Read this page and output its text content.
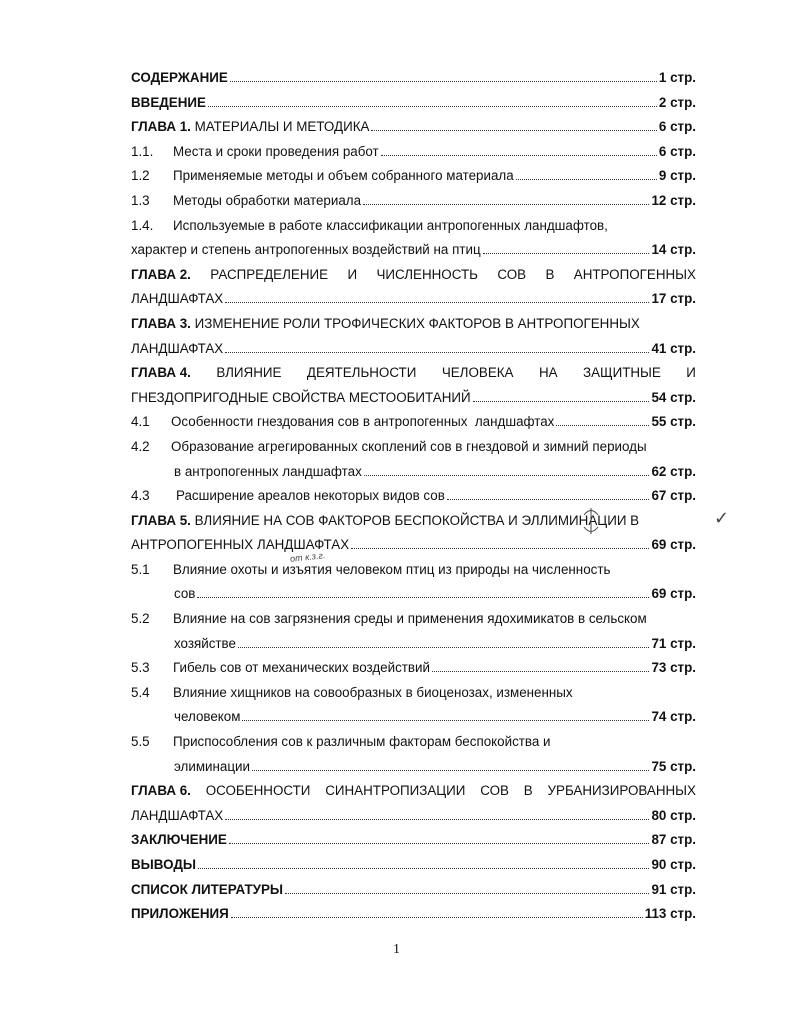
СОДЕРЖАНИЕ	1 стр.
ВВЕДЕНИЕ	2 стр.
ГЛАВА 1. МАТЕРИАЛЫ И МЕТОДИКА	6 стр.
1.1.	Места и сроки проведения работ	6 стр.
1.2	Применяемые методы и объем собранного материала	9 стр.
1.3	Методы обработки материала	12 стр.
1.4.	Используемые в работе классификации антропогенных ландшафтов,
характер и степень антропогенных воздействий на птиц	14 стр.
ГЛАВА 2. РАСПРЕДЕЛЕНИЕ И ЧИСЛЕННОСТЬ СОВ В АНТРОПОГЕННЫХ
ЛАНДШАФТАХ	17 стр.
ГЛАВА 3. ИЗМЕНЕНИЕ РОЛИ ТРОФИЧЕСКИХ ФАКТОРОВ В АНТРОПОГЕННЫХ
ЛАНДШАФТАХ	41 стр.
ГЛАВА 4. ВЛИЯНИЕ ДЕЯТЕЛЬНОСТИ ЧЕЛОВЕКА НА ЗАЩИТНЫЕ И
ГНЕЗДОПРИГОДНЫЕ СВОЙСТВА МЕСТООБИТАНИЙ	54 стр.
4.1	Особенности гнездования сов в антропогенных  ландшафтах	55 стр.
4.2	Образование агрегированных скоплений сов в гнездовой и зимний периоды
в антропогенных ландшафтах	62 стр.
4.3	Расширение ареалов некоторых видов сов	67 стр.
ГЛАВА 5. ВЛИЯНИЕ НА СОВ ФАКТОРОВ БЕСПОКОЙСТВА И ЭЛЛИМИНАЦИИ В
АНТРОПОГЕННЫХ ЛАНДШАФТАХ	69 стр.
5.1	Влияние охоты и изъятия человеком птиц из природы на численность
сов	69 стр.
5.2	Влияние на сов загрязнения среды и применения ядохимикатов в сельском
хозяйстве	71 стр.
5.3	Гибель сов от механических воздействий	73 стр.
5.4	Влияние хищников на совообразных в биоценозах, измененных
человеком	74 стр.
5.5	Приспособления сов к различным факторам беспокойства и
элиминации	75 стр.
ГЛАВА 6. ОСОБЕННОСТИ СИНАНТРОПИЗАЦИИ СОВ В УРБАНИЗИРОВАННЫХ
ЛАНДШАФТАХ	80 стр.
ЗАКЛЮЧЕНИЕ	87 стр.
ВЫВОДЫ	90 стр.
СПИСОК ЛИТЕРАТУРЫ	91 стр.
ПРИЛОЖЕНИЯ	113 стр.
от к.з.г.
✓
1
